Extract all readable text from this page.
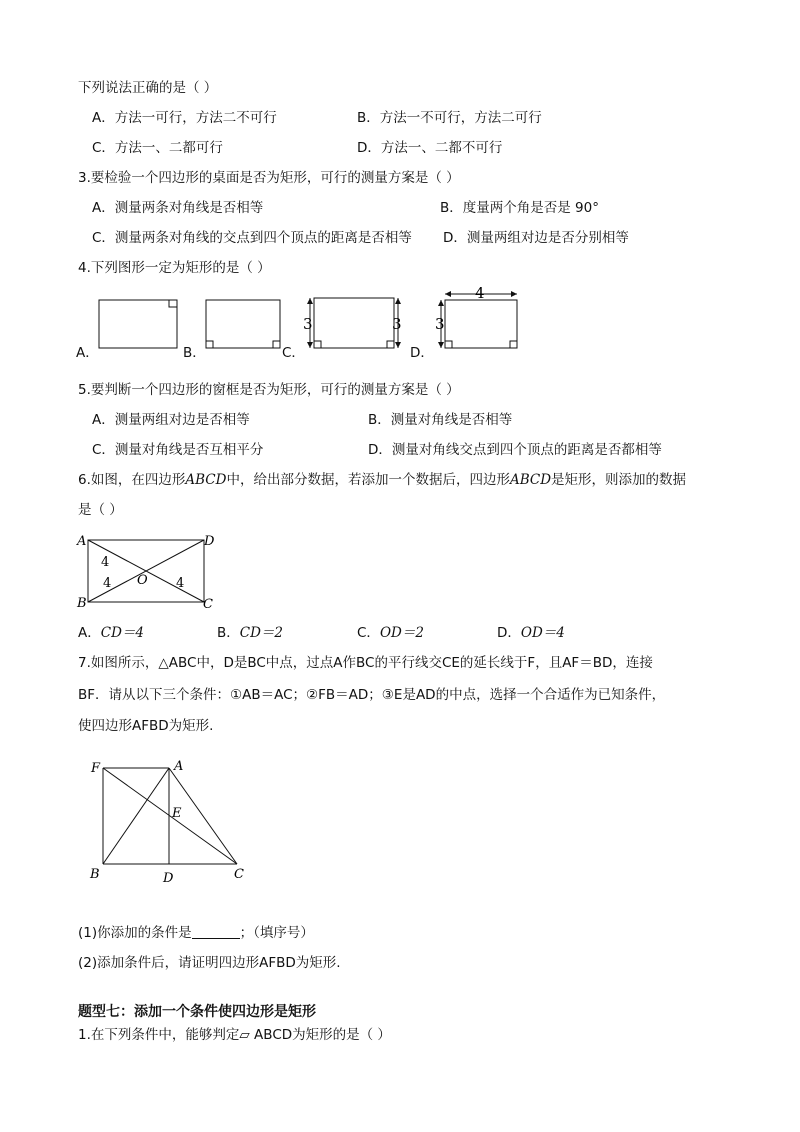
下列说法正确的是（ ）
A．方法一可行，方法二不可行	B．方法一不可行，方法二可行
C．方法一、二都可行	D．方法一、二都不可行
3.要检验一个四边形的桌面是否为矩形，可行的测量方案是（ ）
A．测量两条对角线是否相等	B．度量两个角是否是 90°
C．测量两条对角线的交点到四个顶点的距离是否相等 D．测量两组对边是否分别相等
4.下列图形一定为矩形的是（ ）
3	3
4
3
A．	B．	C．	D．
5.要判断一个四边形的窗框是否为矩形，可行的测量方案是（ ）
A．测量两组对边是否相等	B．测量对角线是否相等
C．测量对角线是否互相平分	D．测量对角线交点到四个顶点的距离是否都相等
6.如图，在四边形ABCD中，给出部分数据，若添加一个数据后，四边形ABCD是矩形，则添加的数据
是（ ）
A	D
B	C
O
4
4	4
A．CD＝4	B．CD＝2	C．OD＝2	D．OD＝4
7.如图所示，△ABC中，D是BC中点，过点A作BC的平行线交CE的延长线于F，且AF＝BD，连接
BF．请从以下三个条件：①AB＝AC；②FB＝AD；③E是AD的中点，选择一个合适作为已知条件，
使四边形AFBD为矩形.
F	A
E
B	D	C
(1)你添加的条件是	；（填序号）
(2)添加条件后，请证明四边形AFBD为矩形.
题型七：添加一个条件使四边形是矩形
1.在下列条件中，能够判定▱ ABCD为矩形的是（ ）
